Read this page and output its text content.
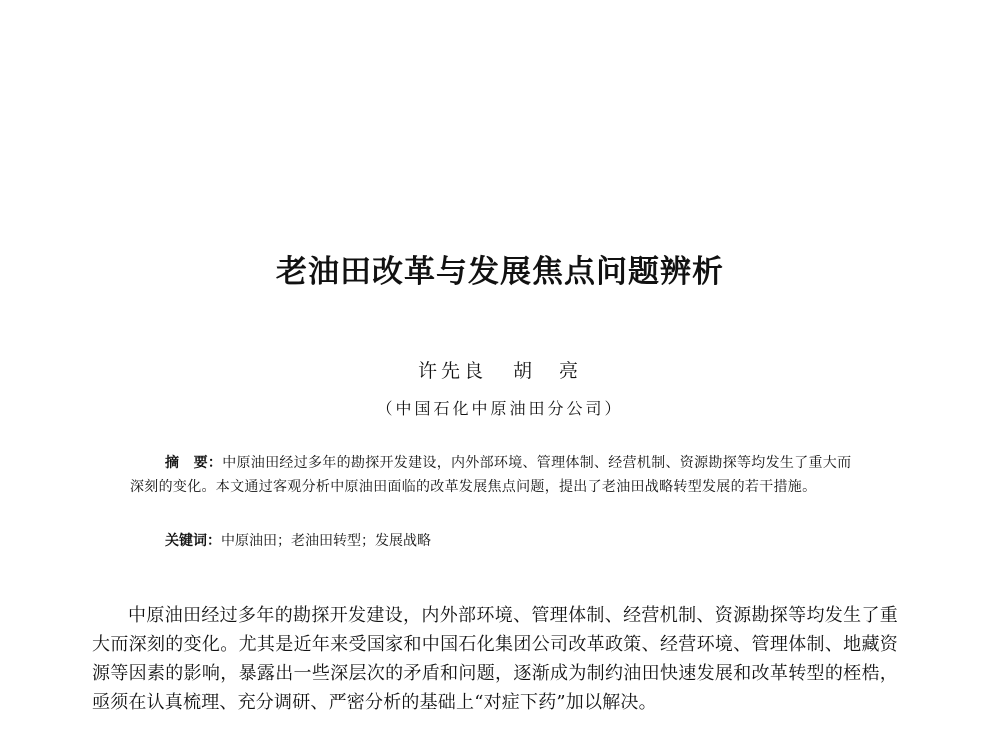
老油田改革与发展焦点问题辨析
许先良 胡　亮
（中国石化中原油田分公司）
摘　要：中原油田经过多年的勘探开发建设，内外部环境、管理体制、经营机制、资源勘探等均发生了重大而深刻的变化。本文通过客观分析中原油田面临的改革发展焦点问题，提出了老油田战略转型发展的若干措施。
关键词：中原油田；老油田转型；发展战略

中原油田经过多年的勘探开发建设，内外部环境、管理体制、经营机制、资源勘探等均发生了重大而深刻的变化。尤其是近年来受国家和中国石化集团公司改革政策、经营环境、管理体制、地藏资源等因素的影响，暴露出一些深层次的矛盾和问题，逐渐成为制约油田快速发展和改革转型的桎梏，亟须在认真梳理、充分调研、严密分析的基础上“对症下药”加以解决。
